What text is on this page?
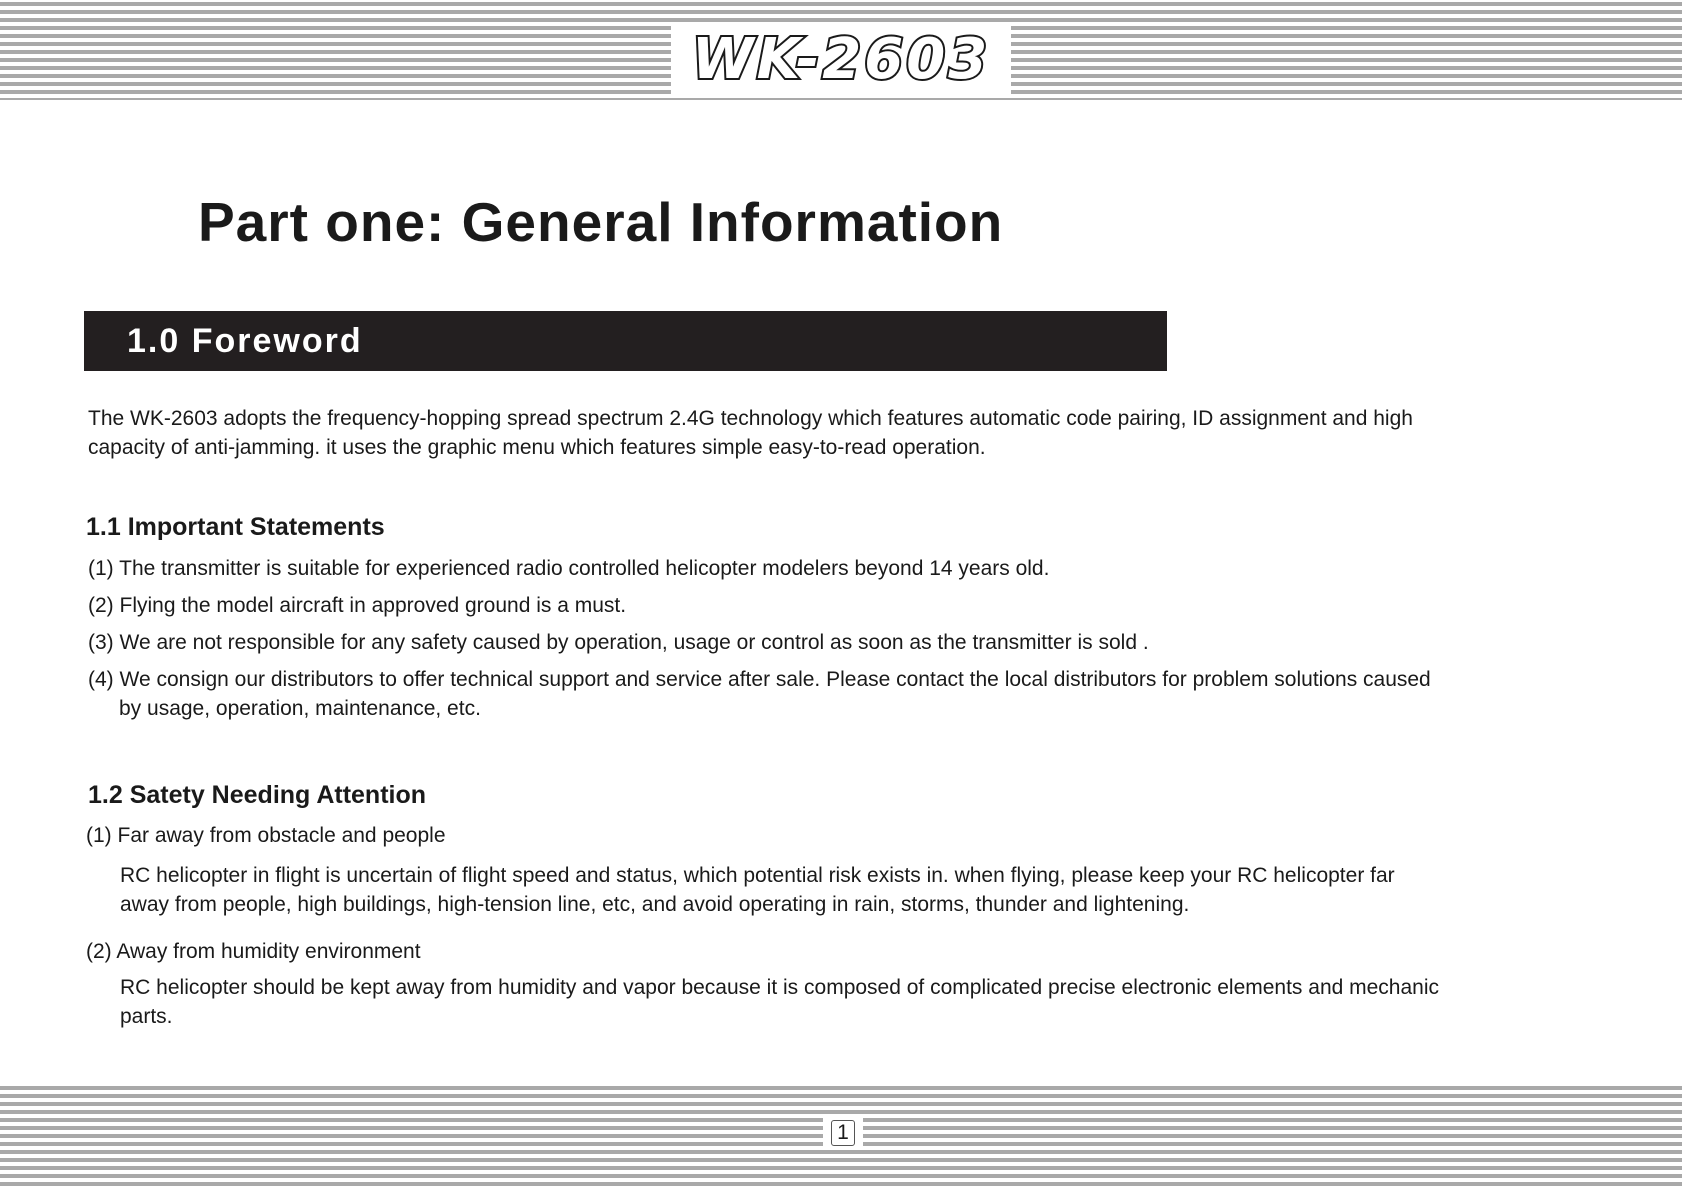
WK-2603
Part one: General Information
1.0 Foreword

The WK-2603 adopts the frequency-hopping spread spectrum 2.4G technology which features automatic code pairing, ID assignment and high

capacity of anti-jamming. it uses the graphic menu which features simple easy-to-read operation.

1.1 Important Statements
(1) The transmitter is suitable for experienced radio controlled helicopter modelers beyond 14 years old.
(2) Flying the model aircraft in approved ground is a must.
(3) We are not responsible for any safety caused by operation, usage or control as soon as the transmitter is sold .
(4) We consign our distributors to offer technical support and service after sale. Please contact the local distributors for problem solutions caused
by usage, operation, maintenance, etc.
1.2 Satety Needing Attention
(1) Far away from obstacle and people
RC helicopter in flight is uncertain of flight speed and status, which potential risk exists in. when flying, please keep your RC helicopter far
away from people, high buildings, high-tension line, etc, and avoid operating in rain, storms, thunder and lightening.
(2) Away from humidity environment
RC helicopter should be kept away from humidity and vapor because it is composed of complicated precise electronic elements and mechanic
parts.
1
